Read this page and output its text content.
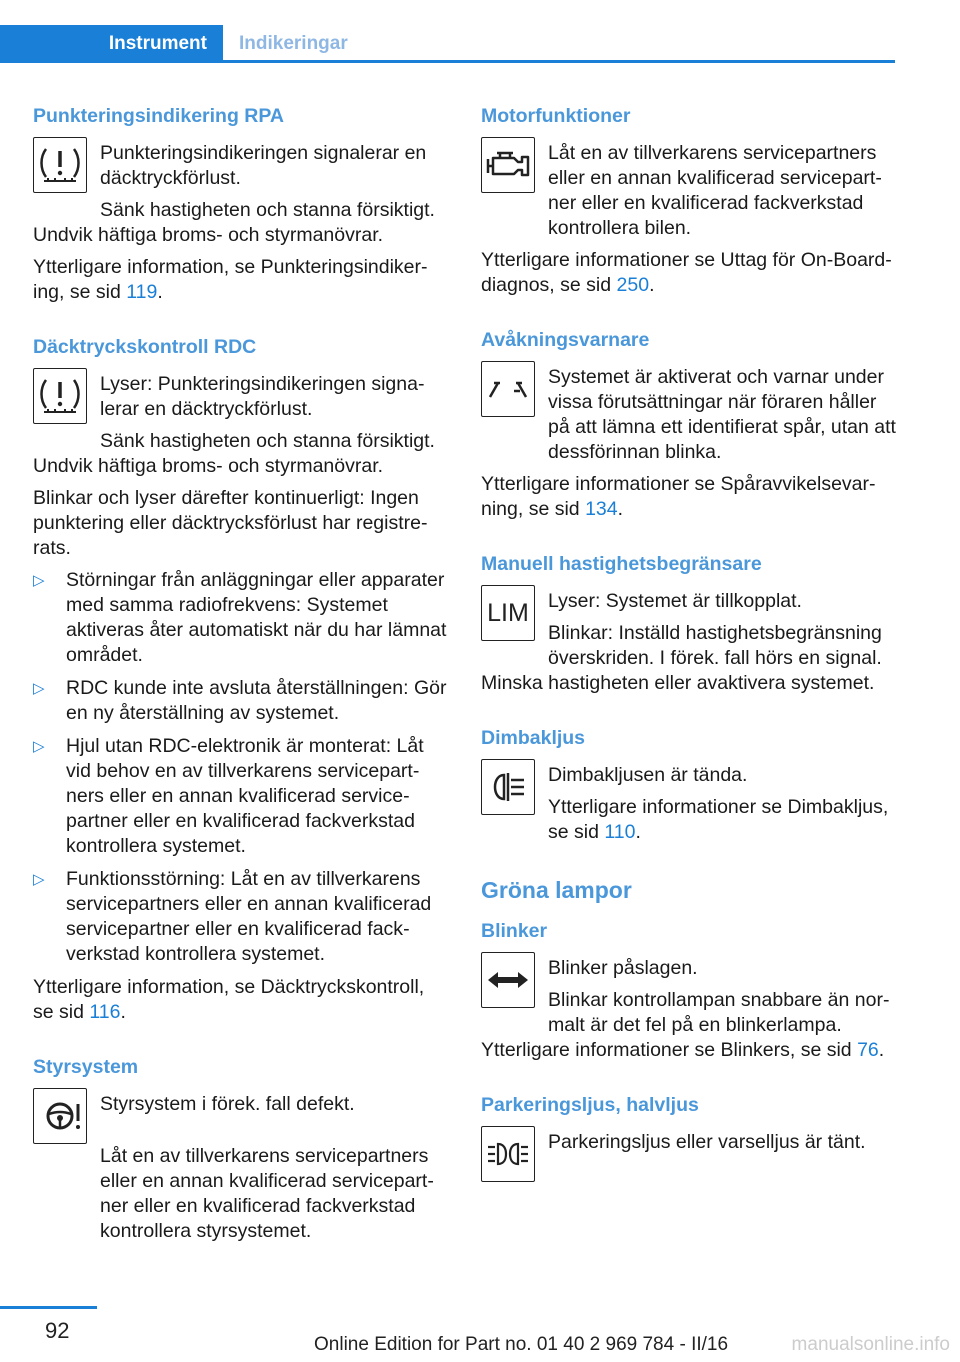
Instrument	Indikeringar
Punkteringsindikering RPA

Punkteringsindikeringen signalerar en däcktryckförlust.

Sänk hastigheten och stanna försiktigt.

Undvik häftiga broms- och styrmanövrar.

Ytterligare information, se Punkteringsindikering, se sid 119.

Däcktryckskontroll RDC

Lyser: Punkteringsindikeringen signalerar en däcktryckförlust.

Sänk hastigheten och stanna försiktigt.

Undvik häftiga broms- och styrmanövrar.

Blinkar och lyser därefter kontinuerligt: Ingen punktering eller däcktrycksförlust har registrerats.

▷ Störningar från anläggningar eller apparater med samma radiofrekvens: Systemet aktiveras åter automatiskt när du har lämnat området.
▷ RDC kunde inte avsluta återställningen: Gör en ny återställning av systemet.
▷ Hjul utan RDC-elektronik är monterat: Låt vid behov en av tillverkarens servicepartners eller en annan kvalificerad servicepartner eller en kvalificerad fackverkstad kontrollera systemet.
▷ Funktionsstörning: Låt en av tillverkarens servicepartners eller en annan kvalificerad servicepartner eller en kvalificerad fackverkstad kontrollera systemet.

Ytterligare information, se Däcktryckskontroll, se sid 116.

Styrsystem

Styrsystem i förek. fall defekt.

Låt en av tillverkarens servicepartners eller en annan kvalificerad servicepartner eller en kvalificerad fackverkstad kontrollera styrsystemet.

Motorfunktioner

Låt en av tillverkarens servicepartners eller en annan kvalificerad servicepartner eller en kvalificerad fackverkstad kontrollera bilen.

Ytterligare informationer se Uttag för On-Board-diagnos, se sid 250.

Avåkningsvarnare

Systemet är aktiverat och varnar under vissa förutsättningar när föraren håller på att lämna ett identifierat spår, utan att dessförinnan blinka.

Ytterligare informationer se Spåravvikelsevarning, se sid 134.

Manuell hastighetsbegränsare
LIM Lyser: Systemet är tillkopplat.

Blinkar: Inställd hastighetsbegränsning överskriden. I förek. fall hörs en signal.

Minska hastigheten eller avaktivera systemet.

Dimbakljus

Dimbakljusen är tända.

Ytterligare informationer se Dimbakljus, se sid 110.

Gröna lampor
Blinker

Blinker påslagen.

Blinkar kontrollampan snabbare än normalt är det fel på en blinkerlampa.

Ytterligare informationer se Blinkers, se sid 76.

Parkeringsljus, halvljus

Parkeringsljus eller varselljus är tänt.

92
Online Edition for Part no. 01 40 2 969 784 - II/16	manualsonline.info
